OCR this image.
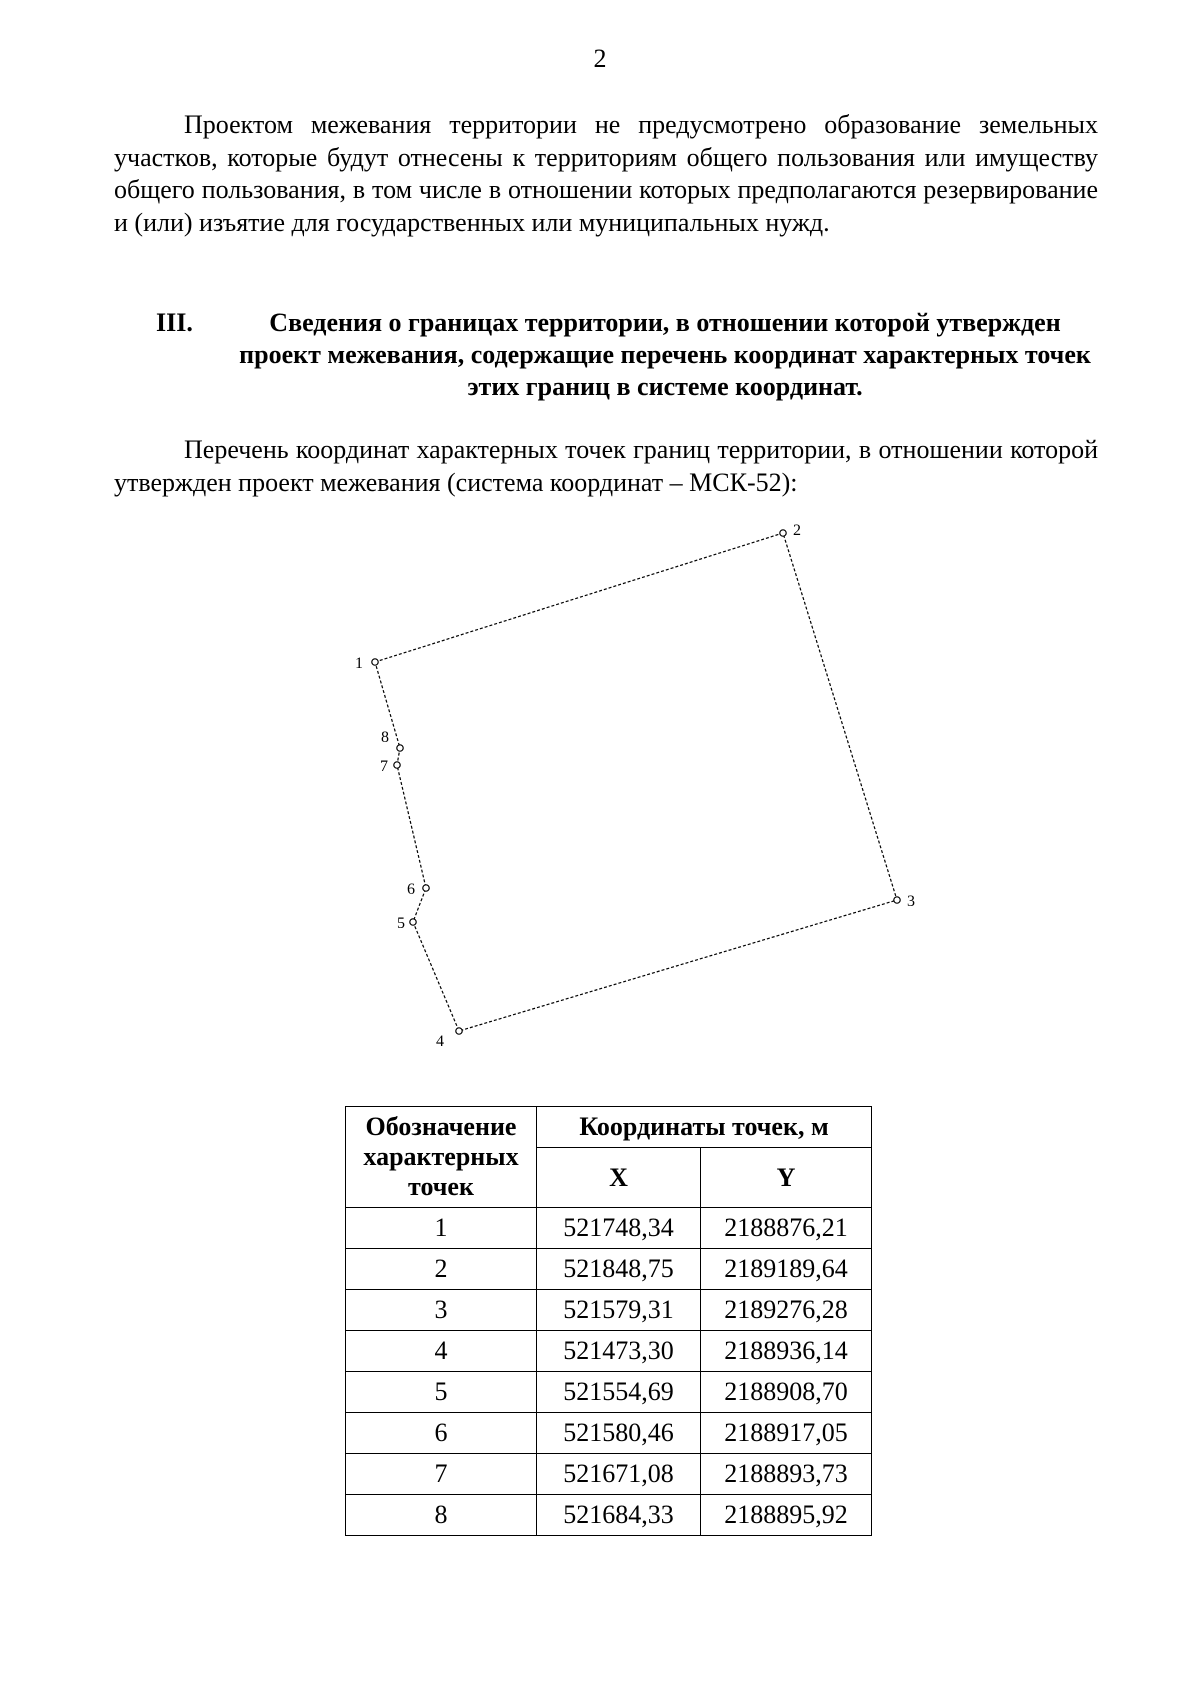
2

Проектом межевания территории не предусмотрено образование земельных участков, которые будут отнесены к территориям общего пользования или имуществу общего пользования, в том числе в отношении которых предполагаются резервирование и (или) изъятие для государственных или муниципальных нужд.

III.	Сведения о границах территории, в отношении которой утвержден проект межевания, содержащие перечень координат характерных точек этих границ в системе координат.

Перечень координат характерных точек границ территории, в отношении которой утвержден проект межевания (система координат – МСК-52):

1
2
3
4
5
6
7
8
Обозначение характерных точек	Координаты точек, м	
	X	Y
1	521748,34	2188876,21
2	521848,75	2189189,64
3	521579,31	2189276,28
4	521473,30	2188936,14
5	521554,69	2188908,70
6	521580,46	2188917,05
7	521671,08	2188893,73
8	521684,33	2188895,92
